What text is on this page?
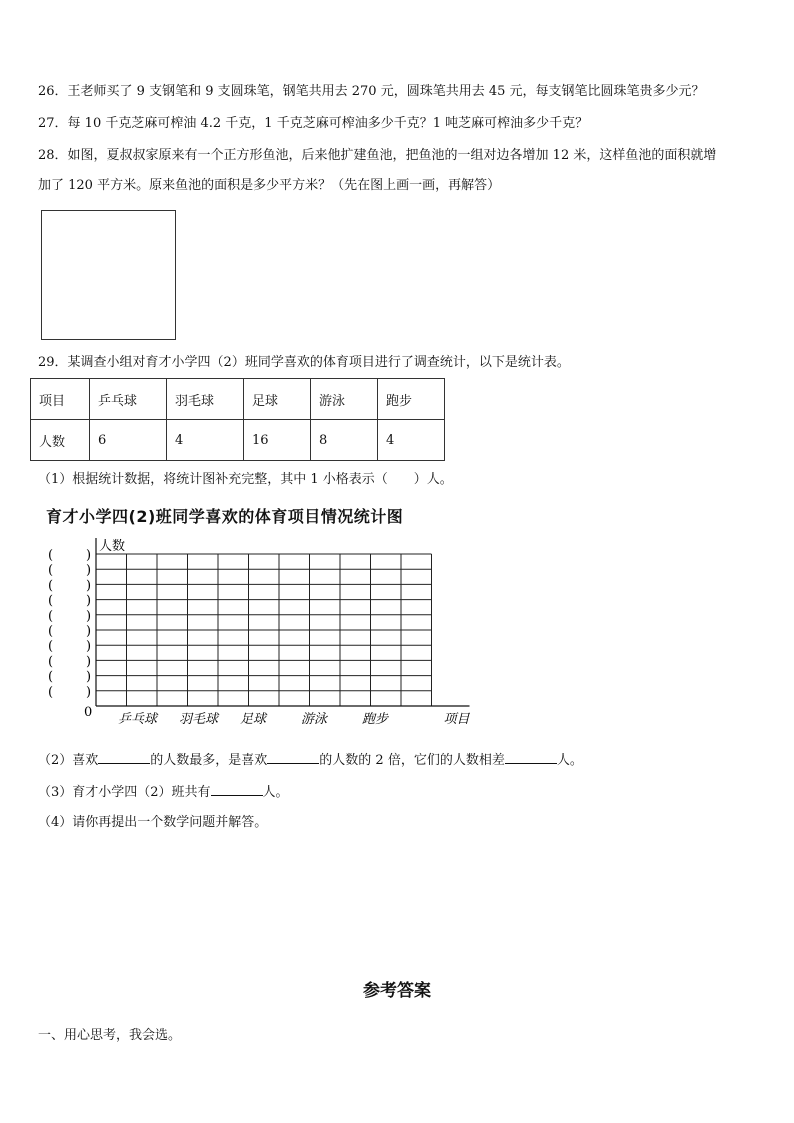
26．王老师买了 9 支钢笔和 9 支圆珠笔，钢笔共用去 270 元，圆珠笔共用去 45 元，每支钢笔比圆珠笔贵多少元？
27．每 10 千克芝麻可榨油 4.2 千克，1 千克芝麻可榨油多少千克？1 吨芝麻可榨油多少千克？
28．如图，夏叔叔家原来有一个正方形鱼池，后来他扩建鱼池，把鱼池的一组对边各增加 12 米，这样鱼池的面积就增
加了 120 平方米。原来鱼池的面积是多少平方米？（先在图上画一画，再解答）
29．某调查小组对育才小学四（2）班同学喜欢的体育项目进行了调查统计，以下是统计表。
项目	乒乓球	羽毛球	足球	游泳	跑步
人数	6	4	16	8	4
（1）根据统计数据，将统计图补充完整，其中 1 小格表示（　　）人。
育才小学四(2)班同学喜欢的体育项目情况统计图
人数
(	)
(	)
(	)
(	)
(	)
(	)
(	)
(	)
(	)
(	)
0 乒乓球 羽毛球 足球	游泳	跑步	项目
（2）喜欢	的人数最多，是喜欢	的人数的 2 倍，它们的人数相差	人。
（3）育才小学四（2）班共有	人。
（4）请你再提出一个数学问题并解答。
参考答案
一、用心思考，我会选。
